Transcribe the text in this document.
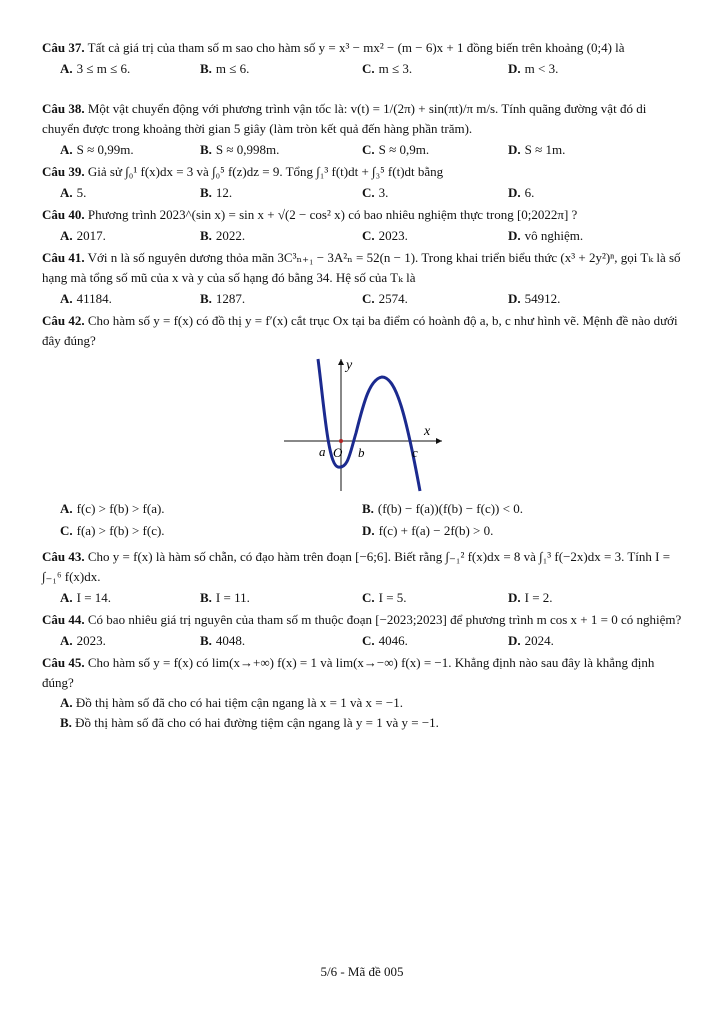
Câu 37. Tất cả giá trị của tham số m sao cho hàm số y = x³ − mx² − (m − 6)x + 1 đồng biến trên khoảng (0;4) là

A. 3 ≤ m ≤ 6.	B. m ≤ 6.	C. m ≤ 3.	D. m < 3.

Câu 38. Một vật chuyển động với phương trình vận tốc là: v(t) = 1/(2π) + sin(πt)/π m/s. Tính quãng đường vật đó di chuyển được trong khoảng thời gian 5 giây (làm tròn kết quả đến hàng phần trăm).

A. S ≈ 0,99m.	B. S ≈ 0,998m.	C. S ≈ 0,9m.	D. S ≈ 1m.

Câu 39. Giả sử ∫₀¹ f(x)dx = 3 và ∫₀⁵ f(z)dz = 9. Tổng ∫₁³ f(t)dt + ∫₃⁵ f(t)dt bằng

A. 5.	B. 12.	C. 3.	D. 6.

Câu 40. Phương trình 2023^(sin x) = sin x + √(2 − cos² x) có bao nhiêu nghiệm thực trong [0;2022π] ?

A. 2017.	B. 2022.	C. 2023.	D. vô nghiệm.

Câu 41. Với n là số nguyên dương thỏa mãn 3C³ₙ₊₁ − 3A²ₙ = 52(n − 1). Trong khai triển biểu thức (x³ + 2y²)ⁿ, gọi Tₖ là số hạng mà tổng số mũ của x và y của số hạng đó bằng 34. Hệ số của Tₖ là

A. 41184.	B. 1287.	C. 2574.	D. 54912.

Câu 42. Cho hàm số y = f(x) có đồ thị y = f′(x) cắt trục Ox tại ba điểm có hoành độ a, b, c như hình vẽ. Mệnh đề nào dưới đây đúng?

x
y
a O b	c
A. f(c) > f(b) > f(a).	B. (f(b) − f(a))(f(b) − f(c)) < 0.
C. f(a) > f(b) > f(c).	D. f(c) + f(a) − 2f(b) > 0.

Câu 43. Cho y = f(x) là hàm số chẵn, có đạo hàm trên đoạn [−6;6]. Biết rằng ∫₋₁² f(x)dx = 8 và ∫₁³ f(−2x)dx = 3. Tính I = ∫₋₁⁶ f(x)dx.

A. I = 14.	B. I = 11.	C. I = 5.	D. I = 2.

Câu 44. Có bao nhiêu giá trị nguyên của tham số m thuộc đoạn [−2023;2023] để phương trình m cos x + 1 = 0 có nghiệm?

A. 2023.	B. 4048.	C. 4046.	D. 2024.

Câu 45. Cho hàm số y = f(x) có lim(x→+∞) f(x) = 1 và lim(x→−∞) f(x) = −1. Khẳng định nào sau đây là khẳng định đúng?

A. Đồ thị hàm số đã cho có hai tiệm cận ngang là x = 1 và x = −1.
B. Đồ thị hàm số đã cho có hai đường tiệm cận ngang là y = 1 và y = −1.
5/6 - Mã đề 005
